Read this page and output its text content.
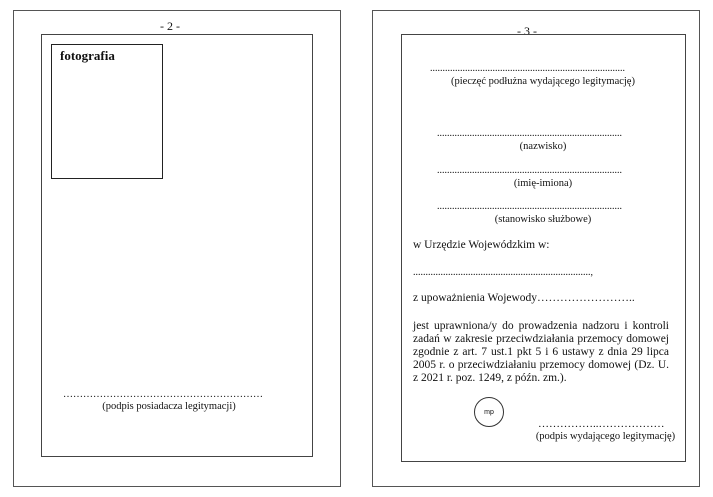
- 2 -
fotografia
……………………………………………………
(podpis posiadacza legitymacji)
- 3 -
..............................................................................
(pieczęć podłużna wydającego legitymację)
..........................................................................
(nazwisko)
..........................................................................
(imię-imiona)
..........................................................................
(stanowisko służbowe)
w Urzędzie Wojewódzkim w:
.......................................................................,
z upoważnienia Wojewody……………………..
jest uprawniona/y do prowadzenia nadzoru i kontroli zadań w zakresie przeciwdziałania przemocy domowej zgodnie z art. 7 ust.1 pkt 5 i 6 ustawy z dnia 29 lipca 2005 r. o przeciwdziałaniu przemocy domowej (Dz. U. z 2021 r. poz. 1249, z późn. zm.).
mp
……………..………………
(podpis wydającego legitymację)
